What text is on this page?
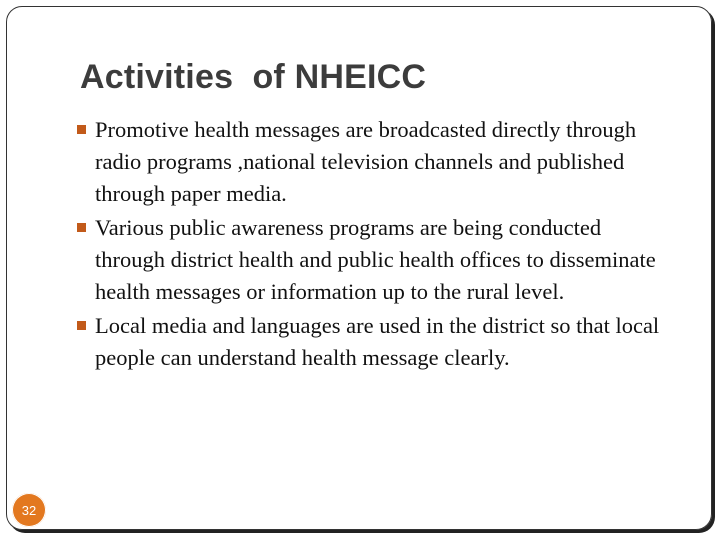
Activities  of NHEICC
Promotive health messages are broadcasted directly through radio programs ,national television channels and published through paper media.
Various public awareness programs are being conducted through district health and public health offices to disseminate health messages or information up to the rural level.
Local media and languages are used in the district so that local people can understand health message clearly.
32
